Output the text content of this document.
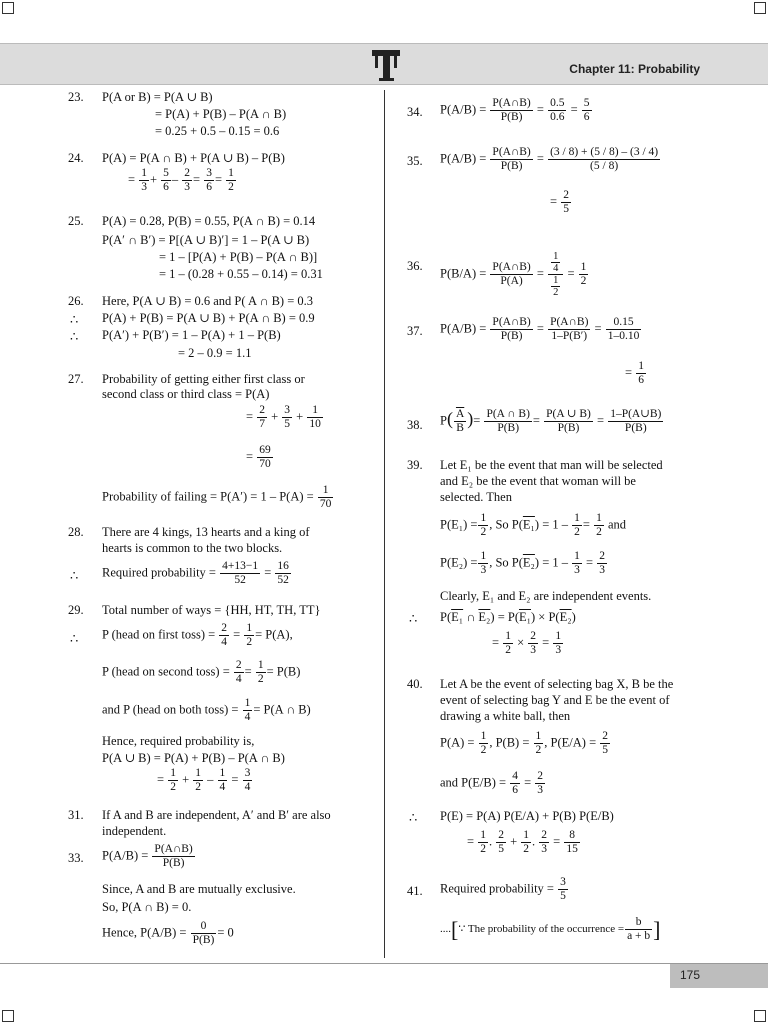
Chapter 11: Probability
23. P(A or B) = P(A ∪ B)
= P(A) + P(B) – P(A ∩ B)
= 0.25 + 0.5 – 0.15 = 0.6
24. P(A) = P(A ∩ B) + P(A ∪ B) – P(B)
= $\frac{1}{3} + \frac{5}{6} - \frac{2}{3} = \frac{3}{6} = \frac{1}{2}$
25. P(A) = 0.28, P(B) = 0.55, P(A ∩ B) = 0.14
P(A′ ∩ B′) = P[(A ∪ B)′] = 1 – P(A ∪ B)
= 1 – [P(A) + P(B) – P(A ∩ B)]
= 1 – (0.28 + 0.55 – 0.14) = 0.31
26. Here, P(A ∪ B) = 0.6 and P( A ∩ B) = 0.3
∴ P(A) + P(B) = P(A ∪ B) + P(A ∩ B) = 0.9
∴ P(A′) + P(B′) = 1 – P(A) + 1 – P(B)
= 2 – 0.9 = 1.1
27. Probability of getting either first class or
second class or third class = P(A)
= $\frac{2}{7} + \frac{3}{5} + \frac{1}{10}$
= $\frac{69}{70}$
Probability of failing = $P(A') = 1 - P(A) = \frac{1}{70}$
28. There are 4 kings, 13 hearts and a king of
hearts is common to the two blocks.
∴ Required probability = $\frac{4+13-1}{52} = \frac{16}{52}$
29. Total number of ways = {HH, HT, TH, TT}
∴ P (head on first toss) = $\frac{2}{4} = \frac{1}{2} = P(A)$,
P (head on second toss) = $\frac{2}{4} = \frac{1}{2} = P(B)$
and P (head on both toss) = $\frac{1}{4} = P(A$ ∩ B)
Hence, required probability is,
P(A ∪ B) = P(A) + P(B) – P(A ∩ B)
= $\frac{1}{2} + \frac{1}{2} - \frac{1}{4} = \frac{3}{4}$
31. If A and B are independent, A′ and B′ are also
independent.
33. $P(A/B) = \frac{P(A\cap B)}{P(B)}$
Since, A and B are mutually exclusive.
So, P(A ∩ B) = 0.
Hence, $P(A/B) = \frac{0}{P(B)} = 0$
34. $P(A/B) = \frac{P(A\cap B)}{P(B)} = \frac{0.5}{0.6} = \frac{5}{6}$
35. $P(A/B) = \frac{P(A\cap B)}{P(B)} = \frac{(3 / 8) + (5 / 8) - (3 / 4)}{(5 / 8)}$
= $\frac{2}{5}$
36.
$P(B/A) = \frac{P(A\cap B)}{P(A)} = \frac{\frac{1}{4}}{\frac{1}{2}} = \frac{1}{2}$
37. $P(A/B) = \frac{P(A\cap B)}{P(B)} = \frac{P(A\cap B)}{1-P(B')} = \frac{0.15}{1-0.10}$
= $\frac{1}{6}$
38. $P( \frac{\overline{A}}{B}$ )= $\frac{P(A \cap B)}{P(B)} = \frac{P(A \cup B)}{P(B)} = \frac{1-P(A\cup B)}{P(B)}$
39. Let E₁ be the event that man will be selected
and E₂ be the event that woman will be
selected. Then
$P(E_1) = \frac{1}{2}$ , So $P(E_1) = 1 - \frac{1}{2} = \frac{1}{2}$ and
$P(E_2) = \frac{1}{3}$ , So $P(E_2) = 1 - \frac{1}{3} = \frac{2}{3}$
Clearly, E₁ and E₂ are independent events.
∴ P(E₁ ∩ E₂) = P(E₁) × P(E₂)
= $\frac{1}{2} \times \frac{2}{3} = \frac{1}{3}$
40. Let A be the event of selecting bag X, B be the
event of selecting bag Y and E be the event of
drawing a white ball, then
$P(A) = \frac{1}{2}$ , $P(B) = \frac{1}{2}$ , $P(E/A) = \frac{2}{5}$
and $P(E/B) = \frac{4}{6} = \frac{2}{3}$
∴ P(E) = P(A) P(E/A) + P(B) P(E/B)
= $\frac{1}{2}$ . $\frac{2}{5} + \frac{1}{2}$ . $\frac{2}{3} = \frac{8}{15}$
41. Required probability = $\frac{3}{5}$
....[∵ The probability of the occurrence = $\frac{b}{a + b}$ ]
175
